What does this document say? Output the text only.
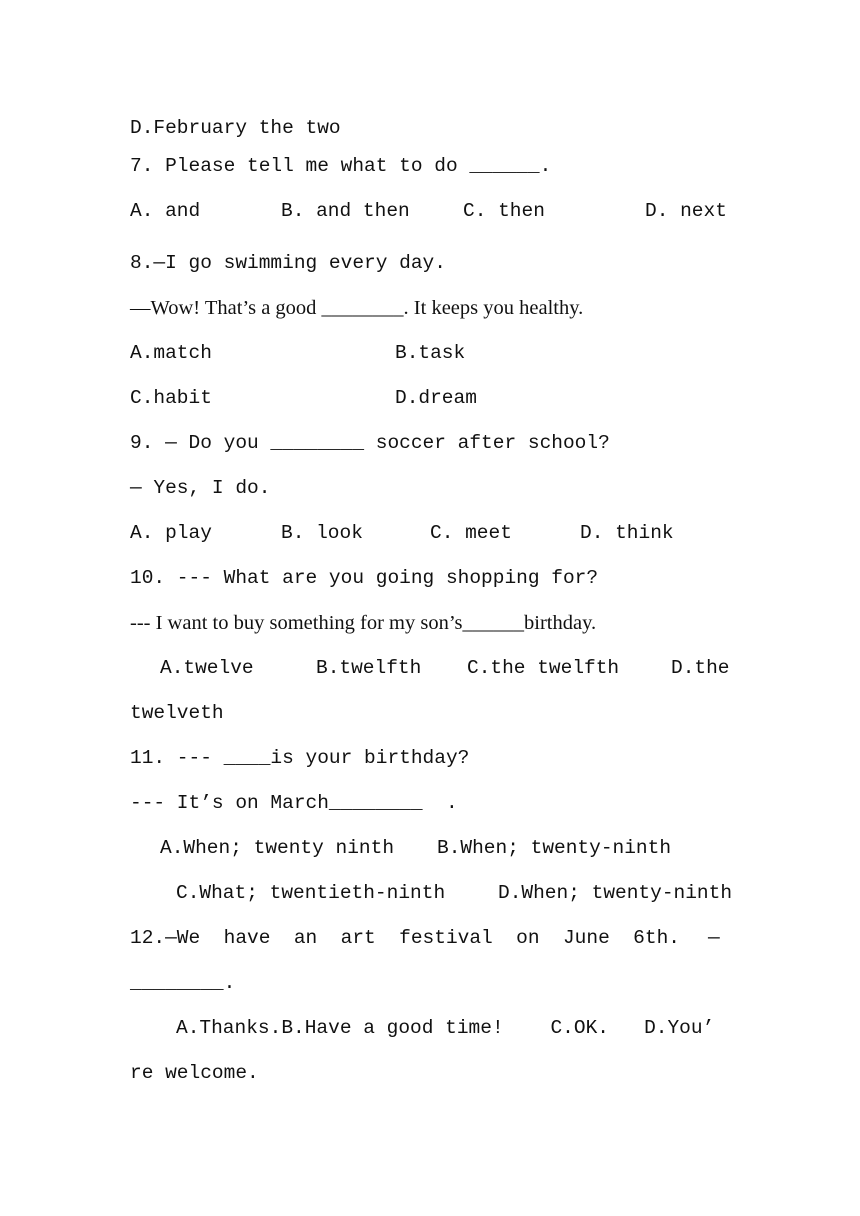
D.February the two
7. Please tell me what to do ______.
A. and	B. and then	C. then	D. next
8.—I go swimming every day.
—Wow! That’s a good ________. It keeps you healthy.
A.match	B.task
C.habit	D.dream
9. — Do you ________ soccer after school?
— Yes, I do.
A. play	B. look	C. meet	D. think
10. --- What are you going shopping for?
--- I want to buy something for my son’s______birthday.
A.twelve	B.twelfth C.the twelfth	D.the
twelveth
11. --- ____is your birthday?
--- It’s on March________  .
A.When; twenty ninth B.When; twenty-ninth
C.What; twentieth-ninth	D.When; twenty-ninth
12.—We  have  an  art  festival  on  June  6th. —
________.
A.Thanks.B.Have a good time!    C.OK.   D.You’
re welcome.
